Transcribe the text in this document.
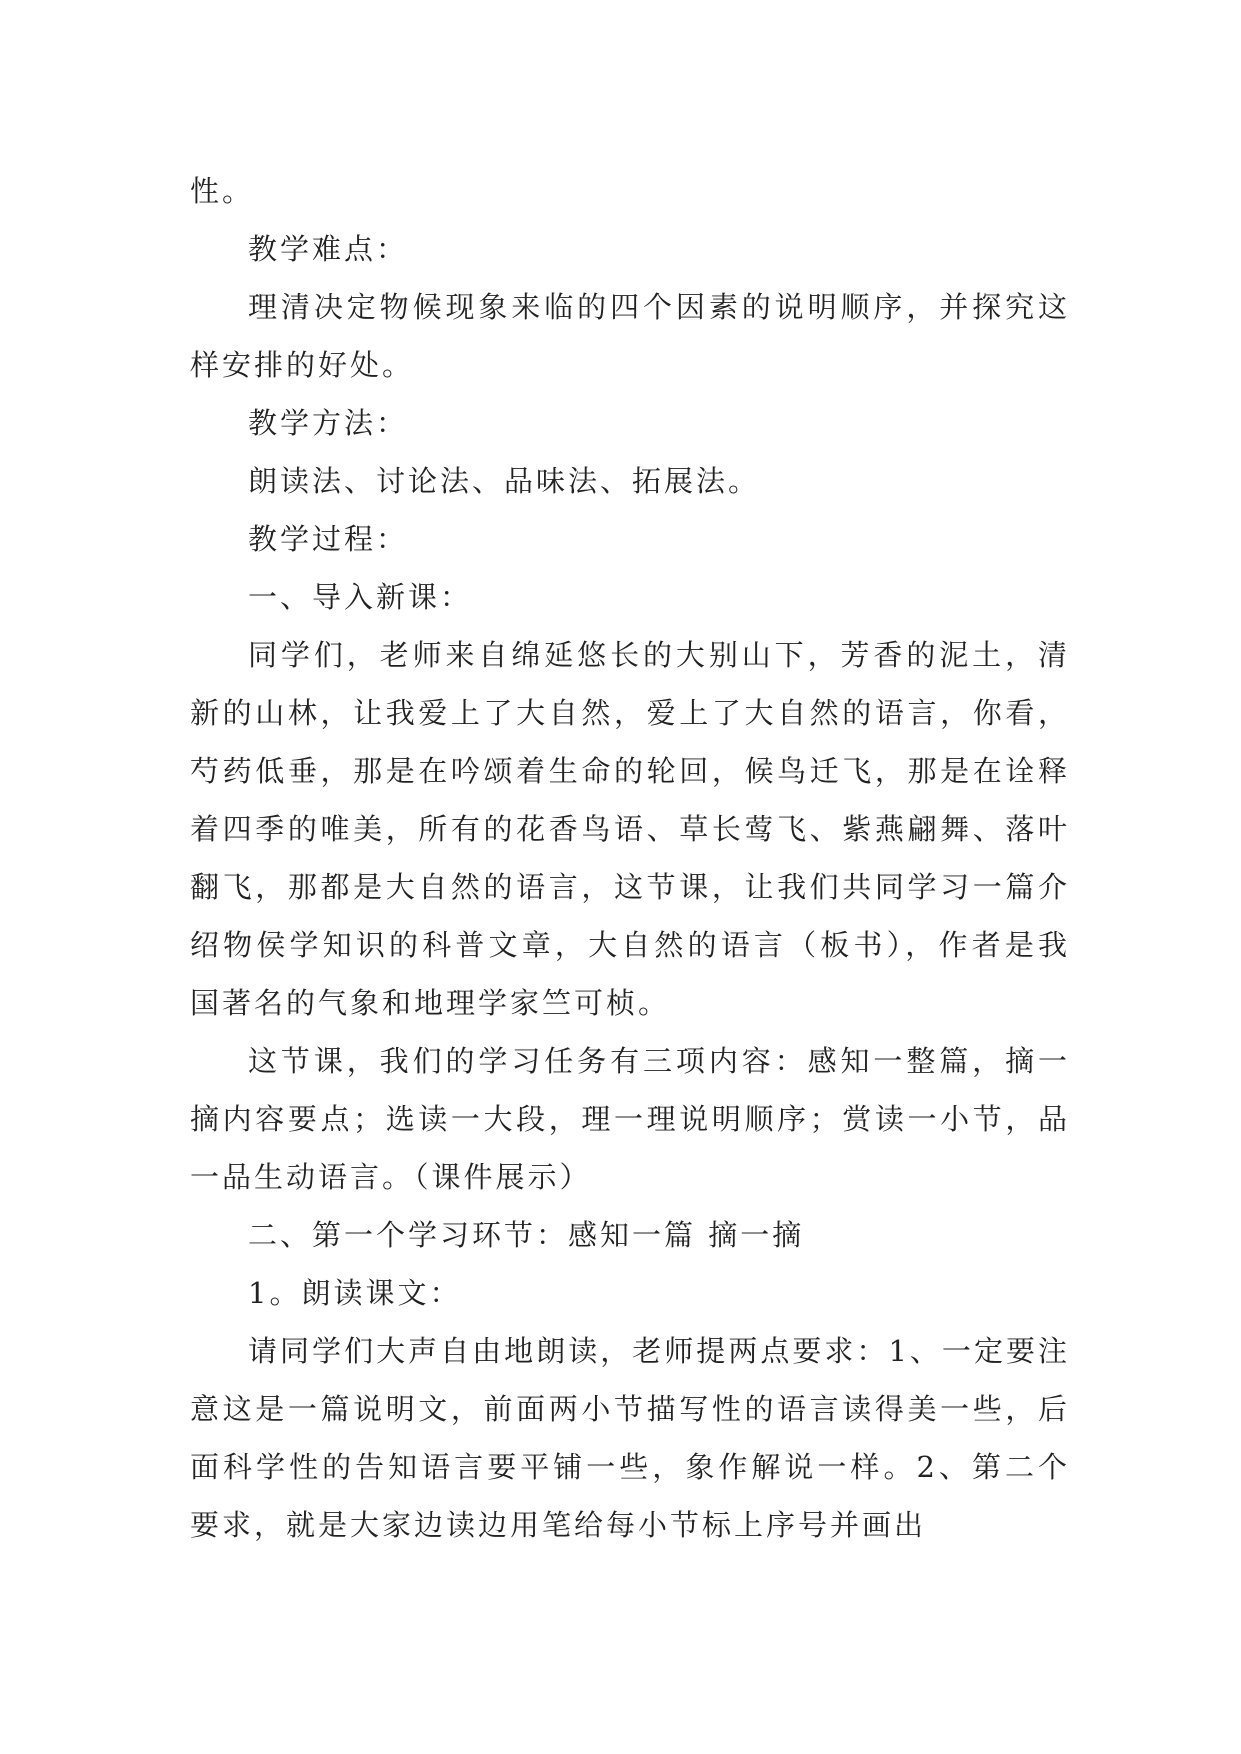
性。

教学难点：

理清决定物候现象来临的四个因素的说明顺序，并探究这样安排的好处。

教学方法：

朗读法、讨论法、品味法、拓展法。

教学过程：

一、导入新课：

同学们，老师来自绵延悠长的大别山下，芳香的泥土，清新的山林，让我爱上了大自然，爱上了大自然的语言，你看，芍药低垂，那是在吟颂着生命的轮回，候鸟迁飞，那是在诠释着四季的唯美，所有的花香鸟语、草长莺飞、紫燕翩舞、落叶翻飞，那都是大自然的语言，这节课，让我们共同学习一篇介绍物侯学知识的科普文章，大自然的语言（板书），作者是我国著名的气象和地理学家竺可桢。

这节课，我们的学习任务有三项内容：感知一整篇，摘一摘内容要点；选读一大段，理一理说明顺序；赏读一小节，品一品生动语言。（课件展示）

二、第一个学习环节：感知一篇 摘一摘

1。朗读课文：

请同学们大声自由地朗读，老师提两点要求：1、一定要注意这是一篇说明文，前面两小节描写性的语言读得美一些，后面科学性的告知语言要平铺一些，象作解说一样。2、第二个要求，就是大家边读边用笔给每小节标上序号并画出
